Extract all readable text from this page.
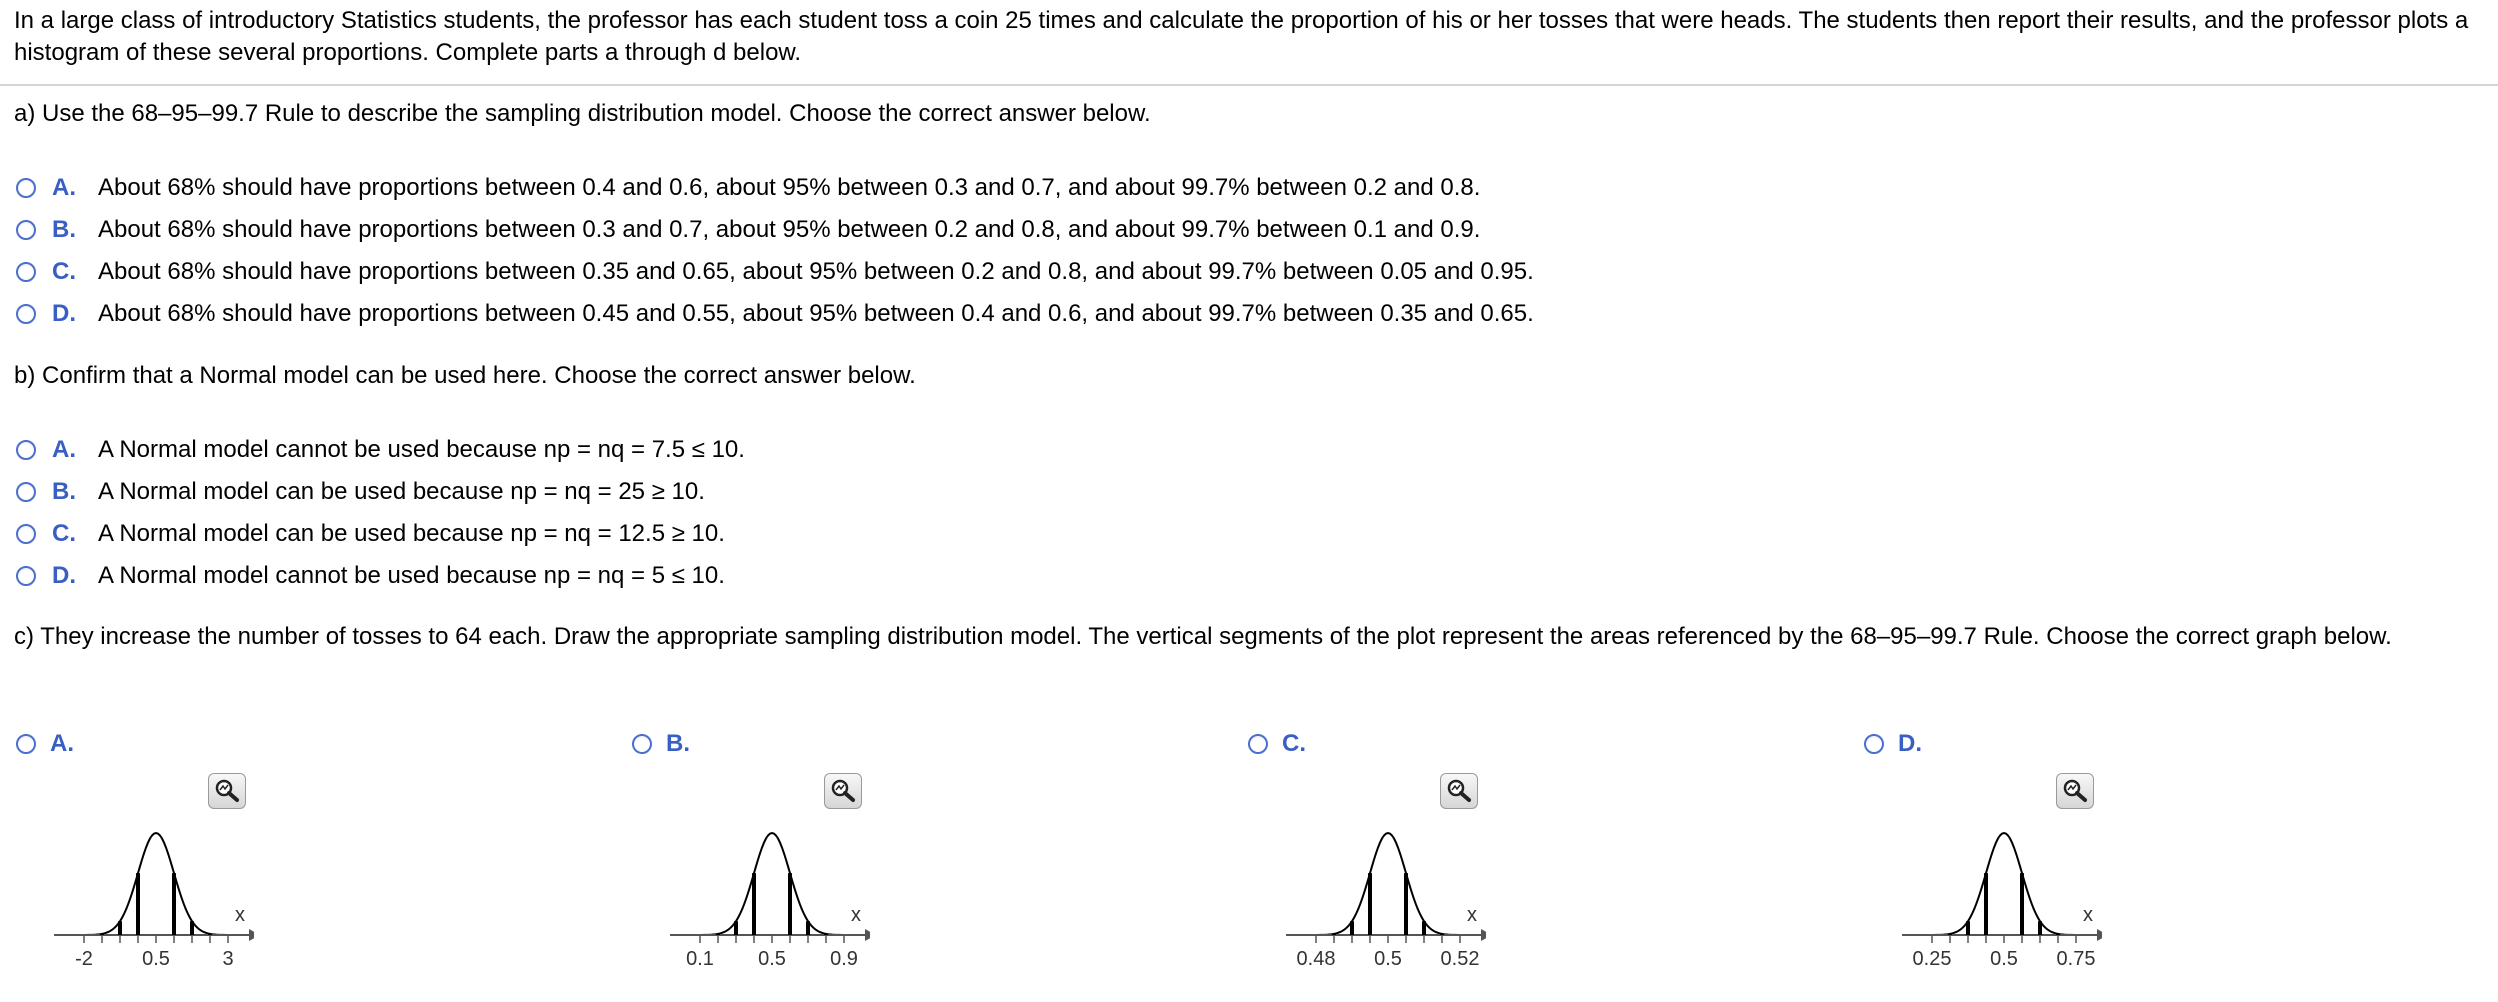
In a large class of introductory Statistics students, the professor has each student toss a coin 25 times and calculate the proportion of his or her tosses that were heads. The students then report their results, and the professor plots a histogram of these several proportions. Complete parts a through d below.
a) Use the 68–95–99.7 Rule to describe the sampling distribution model. Choose the correct answer below.
A. About 68% should have proportions between 0.4 and 0.6, about 95% between 0.3 and 0.7, and about 99.7% between 0.2 and 0.8.
B. About 68% should have proportions between 0.3 and 0.7, about 95% between 0.2 and 0.8, and about 99.7% between 0.1 and 0.9.
C. About 68% should have proportions between 0.35 and 0.65, about 95% between 0.2 and 0.8, and about 99.7% between 0.05 and 0.95.
D. About 68% should have proportions between 0.45 and 0.55, about 95% between 0.4 and 0.6, and about 99.7% between 0.35 and 0.65.
b) Confirm that a Normal model can be used here. Choose the correct answer below.
A. A Normal model cannot be used because np = nq = 7.5 ≤ 10.
B. A Normal model can be used because np = nq = 25 ≥ 10.
C. A Normal model can be used because np = nq = 12.5 ≥ 10.
D. A Normal model cannot be used because np = nq = 5 ≤ 10.
c) They increase the number of tosses to 64 each. Draw the appropriate sampling distribution model. The vertical segments of the plot represent the areas referenced by the 68–95–99.7 Rule. Choose the correct graph below.
A.
-2 0.5	3
x
B.
0.1 0.5 0.9
x
C.
0.48 0.5 0.52
x
D.
0.25 0.5 0.75
x
